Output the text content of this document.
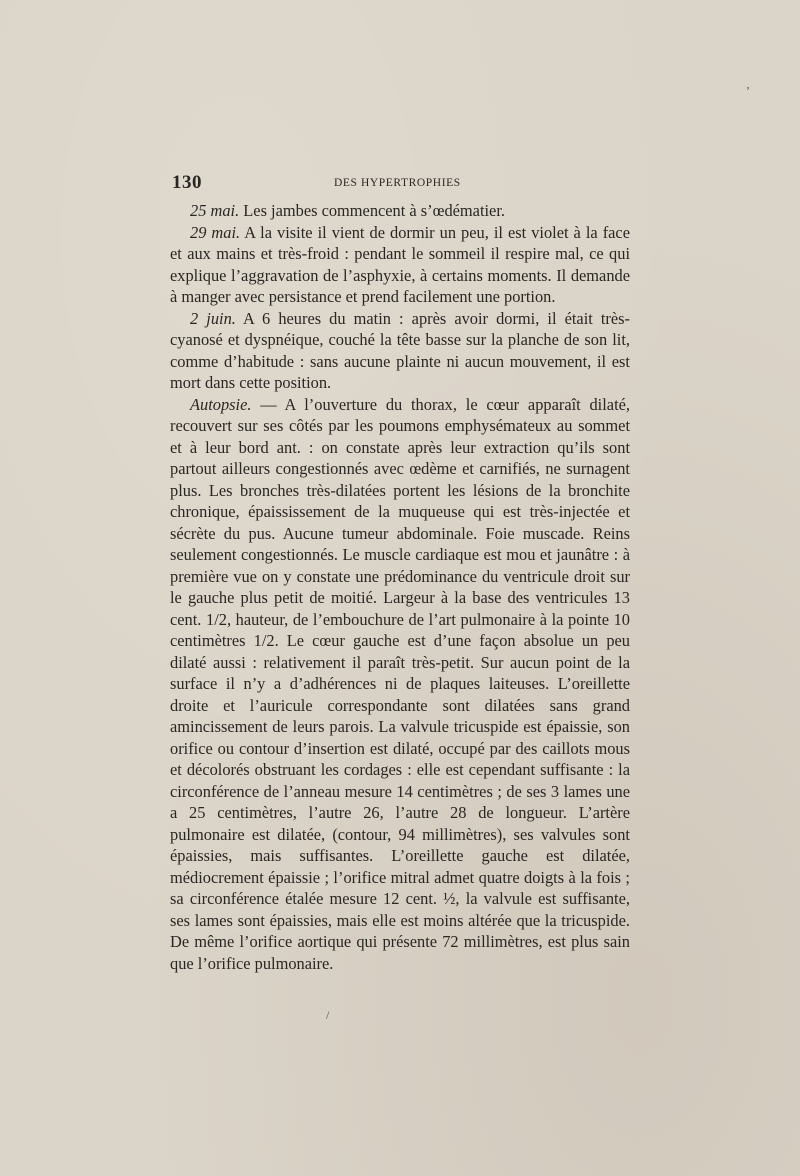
130	DES HYPERTROPHIES

25 mai. Les jambes commencent à s’œdématier.

29 mai. A la visite il vient de dormir un peu, il est violet à la face et aux mains et très-froid : pendant le sommeil il respire mal, ce qui explique l’aggravation de l’asphyxie, à certains moments. Il demande à manger avec persistance et prend facilement une portion.

2 juin. A 6 heures du matin : après avoir dormi, il était très-cyanosé et dyspnéique, couché la tête basse sur la planche de son lit, comme d’habitude : sans aucune plainte ni aucun mouvement, il est mort dans cette position.

Autopsie. — A l’ouverture du thorax, le cœur apparaît dilaté, recouvert sur ses côtés par les poumons emphysémateux au sommet et à leur bord ant. : on constate après leur extraction qu’ils sont partout ailleurs congestionnés avec œdème et carnifiés, ne surnagent plus. Les bronches très-dilatées portent les lésions de la bronchite chronique, épaississement de la muqueuse qui est très-injectée et sécrète du pus. Aucune tumeur abdominale. Foie muscade. Reins seulement congestionnés. Le muscle cardiaque est mou et jaunâtre : à première vue on y constate une prédominance du ventricule droit sur le gauche plus petit de moitié. Largeur à la base des ventricules 13 cent. 1/2, hauteur, de l’embouchure de l’art pulmonaire à la pointe 10 centimètres 1/2. Le cœur gauche est d’une façon absolue un peu dilaté aussi : relativement il paraît très-petit. Sur aucun point de la surface il n’y a d’adhérences ni de plaques laiteuses. L’oreillette droite et l’auricule correspondante sont dilatées sans grand amincissement de leurs parois. La valvule tricuspide est épaissie, son orifice ou contour d’insertion est dilaté, occupé par des caillots mous et décolorés obstruant les cordages : elle est cependant suffisante : la circonférence de l’anneau mesure 14 centimètres ; de ses 3 lames une a 25 centimètres, l’autre 26, l’autre 28 de longueur. L’artère pulmonaire est dilatée, (contour, 94 millimètres), ses valvules sont épaissies, mais suffisantes. L’oreillette gauche est dilatée, médiocrement épaissie ; l’orifice mitral admet quatre doigts à la fois ; sa circonférence étalée mesure 12 cent. ½, la valvule est suffisante, ses lames sont épaissies, mais elle est moins altérée que la tricuspide. De même l’orifice aortique qui présente 72 millimètres, est plus sain que l’orifice pulmonaire.

/
ʼ
